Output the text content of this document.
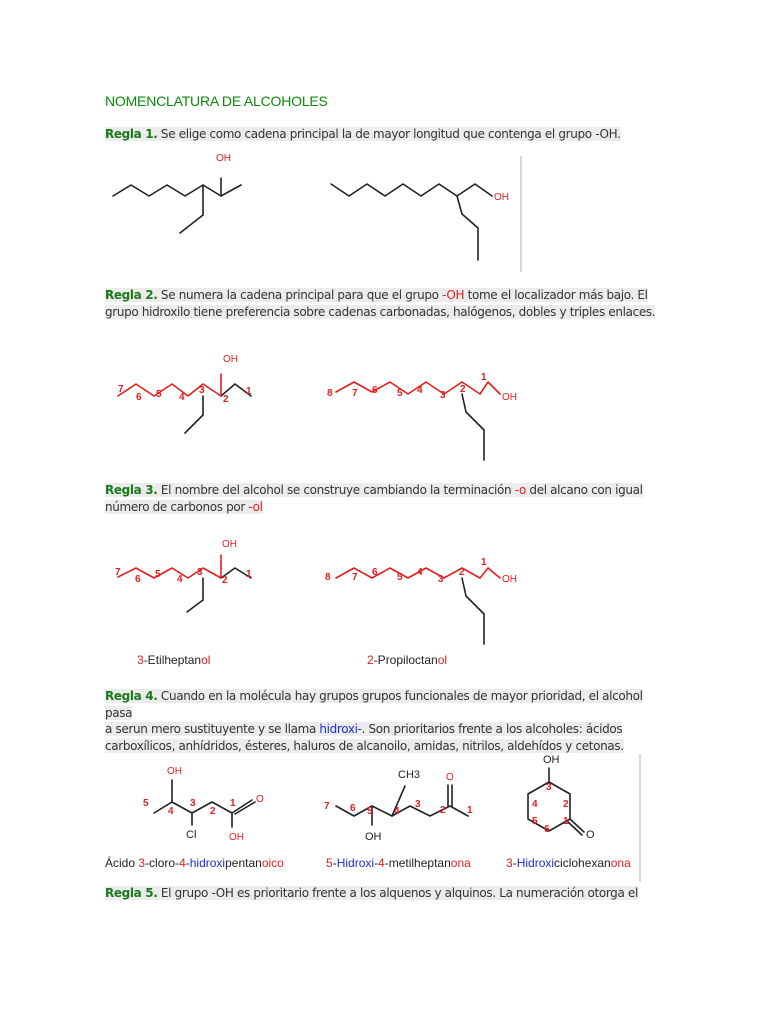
NOMENCLATURA DE ALCOHOLES
Regla 1. Se elige como cadena principal la de mayor longitud que contenga el grupo -OH.
OH
OH
OH
7
6 5 4
3
2
1
OH
8 7 6 5 4 3
2
1
OH
7
6 5 4
3
2
1	OH
8 7 6 5 4
3
2
1
OH
O
OH
Cl
5
4
3
2
1
CH3	O
OH
7 6 5 4
3
2 1
OH
O
3
2
1
6
5
4
Regla 2. Se numera la cadena principal para que el grupo -OH tome el localizador más bajo. El
grupo hidroxilo tiene preferencia sobre cadenas carbonadas, halógenos, dobles y triples enlaces.
Regla 3. El nombre del alcohol se construye cambiando la terminación -o del alcano con igual
número de carbonos por -ol
3-Etilheptanol	2-Propiloctanol
Regla 4. Cuando en la molécula hay grupos grupos funcionales de mayor prioridad, el alcohol pasa
a serun mero sustituyente y se llama hidroxi-. Son prioritarios frente a los alcoholes: ácidos
carboxílicos, anhídridos, ésteres, haluros de alcanoilo, amidas, nitrilos, aldehídos y cetonas.
Ácido 3-cloro-4-hidroxipentanoico	5-Hidroxi-4-metilheptanona	3-Hidroxiciclohexanona
Regla 5. El grupo -OH es prioritario frente a los alquenos y alquinos. La numeración otorga el
